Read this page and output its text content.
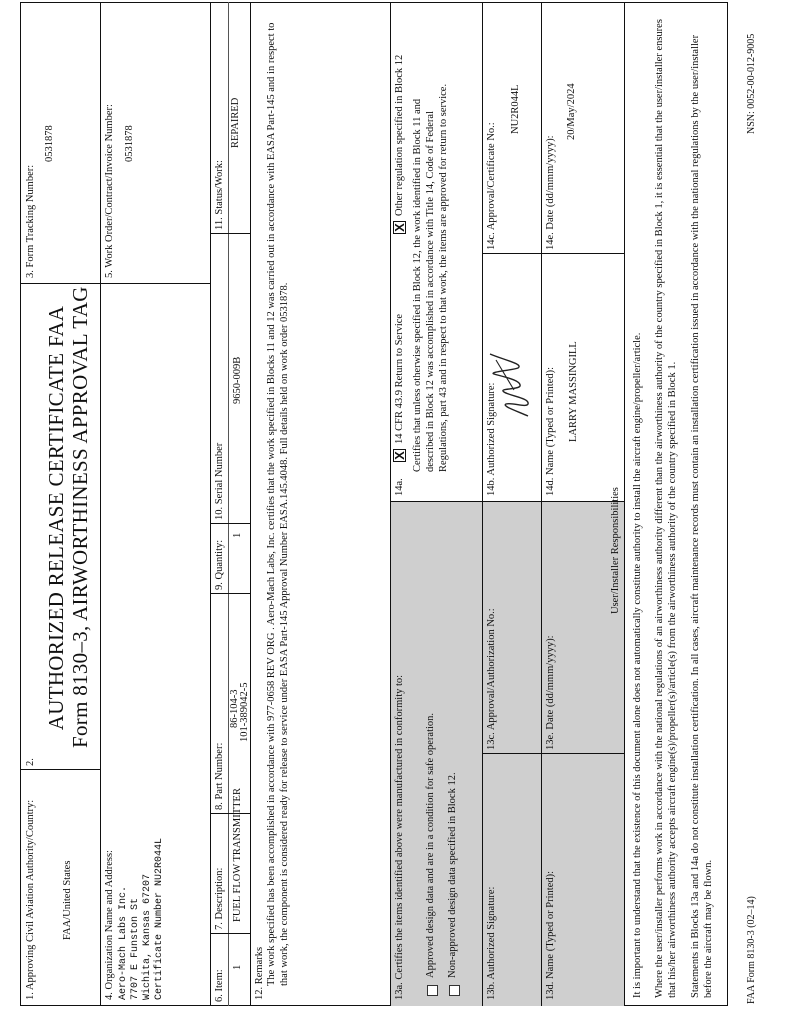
1. Approving Civil Aviation Authority/Country: FAA/United States
2.
AUTHORIZED RELEASE CERTIFICATE FAA Form 8130–3, AIRWORTHINESS APPROVAL TAG
3. Form Tracking Number:
0531878
4. Organization Name and Address: Aero-Mach Labs Inc. 7707 E Funston St Wichita, Kansas 67207 Certificate Number NU2R044L
5. Work Order/Contract/Invoice Number: 0531878
6. Item:
1
7. Description: FUEL FLOW TRANSMITTER
8. Part Number:
86-104-3 101-389042-5
9. Quantity:
1
10. Serial Number
9650-009B
11. Status/Work:
REPAIRED
12. Remarks The work specified has been accomplished in accordance with 977-0658 REV ORG . Aero-Mach Labs, Inc. certifies that the work specified in Blocks 11 and 12 was carried out in accordance with EASA Part-145 and in respect to that work, the component is considered ready for release to service under EASA Part-145 Approval Number EASA.145.4048. Full details held on work order 0531878.	13a. Certifies the items identified above were manufactured in conformity to: Approved design data and are in a condition for safe operation. Non-approved design data specified in Block 12.
14a.
X
14 CFR 43.9 Return to Service
X
Other regulation specified in Block 12 Certifies that unless otherwise specified in Block 12, the work identified in Block 11 and described in Block 12 was accomplished in accordance with Title 14, Code of Federal Regulations, part 43 and in respect to that work, the items are approved for return to service.
13b. Authorized Signature:
13c. Approval/Authorization No.:
13d. Name (Typed or Printed):
13e. Date (dd/mmm/yyyy):
14b. Authorized Signature:
14c. Approval/Certificate No.:
NU2R044L
14d. Name (Typed or Printed): LARRY MASSINGILL
14e. Date (dd/mmm/yyyy):
20/May/2024
User/Installer Responsibilities It is important to understand that the existence of this document alone does not automatically constitute authority to install the aircraft engine/propeller/article. Where the user/installer performs work in accordance with the national regulations of an airworthiness authority different than the airworthiness authority of the country specified in Block 1, it is essential that the user/installer ensures that his/her airworthiness authority accepts aircraft engine(s)/propeller(s)/article(s) from the airworthiness authority of the country specified in Block 1. Statements in Blocks 13a and 14a do not constitute installation certification. In all cases, aircraft maintenance records must contain an installation certification issued in accordance with the national regulations by the user/installer before the aircraft may be flown.	FAA Form 8130-3 (02–14)
NSN: 0052-00-012-9005
